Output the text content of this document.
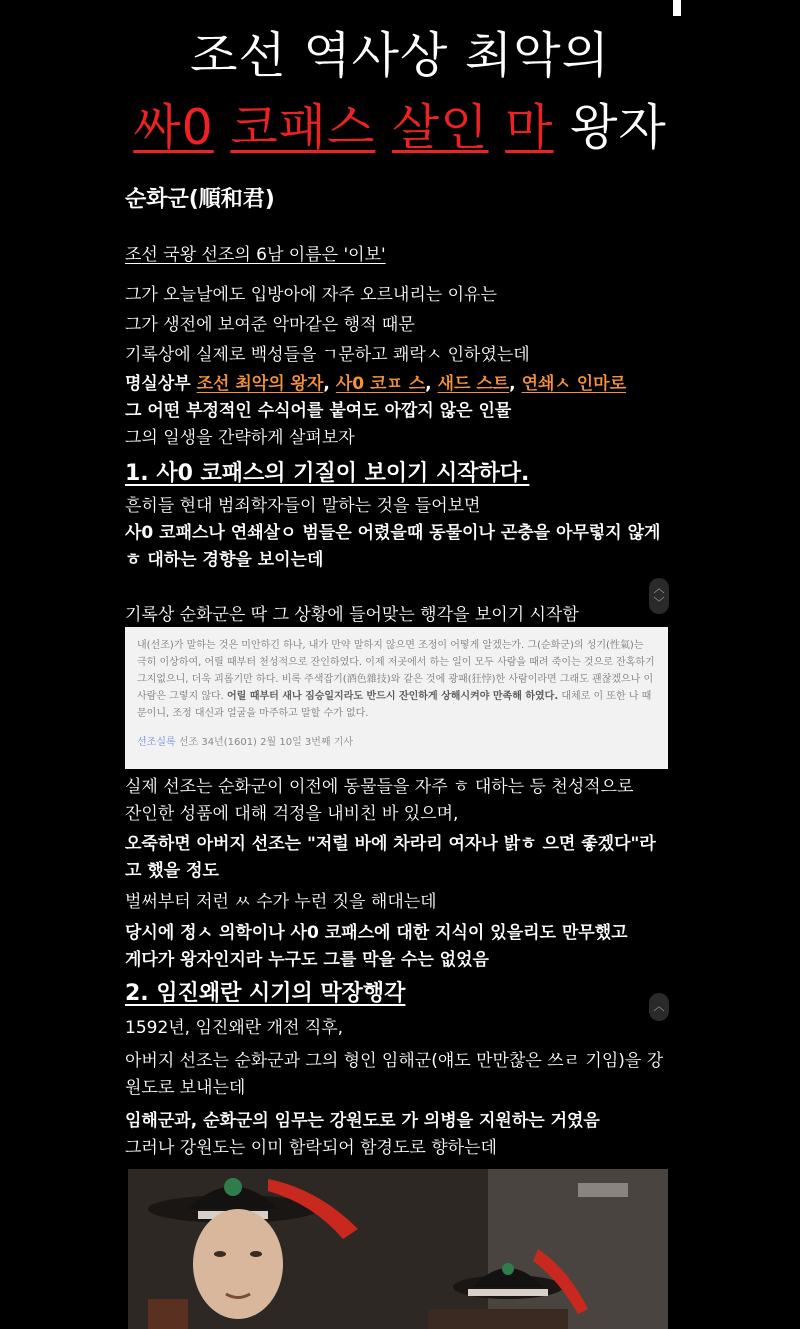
조선 역사상 최악의
싸0 코패스 살인 마 왕자
순화군(順和君)
조선 국왕 선조의 6남 이름은 '이보'

그가 오늘날에도 입방아에 자주 오르내리는 이유는

그가 생전에 보여준 악마같은 행적 때문

기록상에 실제로 백성들을 ㄱ문하고 쾌락ㅅ 인하였는데

명실상부 조선 최악의 왕자, 사0 코ㅍ 스, 새드 스트, 연쇄ㅅ 인마로

그 어떤 부정적인 수식어를 붙여도 아깝지 않은 인물

그의 일생을 간략하게 살펴보자

1. 사0 코패스의 기질이 보이기 시작하다.

흔히들 현대 범죄학자들이 말하는 것을 들어보면

사0 코패스나 연쇄살ㅇ 범들은 어렸을때 동물이나 곤충을 아무렇지 않게 ㅎ 대하는 경향을 보이는데

기록상 순화군은 딱 그 상황에 들어맞는 행각을 보이기 시작함

︿
﹀
내(선조)가 말하는 것은 미안하긴 하나, 내가 만약 말하지 않으면 조정이 어떻게 알겠는가. 그(순화군)의 성기(性氣)는 극히 이상하여, 어릴 때부터 천성적으로 잔인하였다. 이제 저곳에서 하는 일이 모두 사람을 때려 죽이는 것으로 잔혹하기 그지없으니, 더욱 괴롭기만 하다. 비록 주색잡기(酒色雜技)와 같은 것에 광패(狂悖)한 사람이라면 그래도 괜찮겠으나 이 사람은 그렇지 않다. 어릴 때부터 새나 짐승일지라도 반드시 잔인하게 상해시켜야 만족해 하였다. 대체로 이 또한 나 때문이니, 조정 대신과 얼굴을 마주하고 말할 수가 없다.
선조실록 선조 34년(1601) 2월 10일 3번째 기사

실제 선조는 순화군이 이전에 동물들을 자주 ㅎ 대하는 등 천성적으로

잔인한 성품에 대해 걱정을 내비친 바 있으며,

오죽하면 아버지 선조는 "저럴 바에 차라리 여자나 밝ㅎ 으면 좋겠다"라고 했을 정도

벌써부터 저런 ㅆ 수가 누런 짓을 해대는데

당시에 정ㅅ 의학이나 사0 코패스에 대한 지식이 있을리도 만무했고

게다가 왕자인지라 누구도 그를 막을 수는 없었음

2. 임진왜란 시기의 막장행각
︿

1592년, 임진왜란 개전 직후,

아버지 선조는 순화군과 그의 형인 임해군(얘도 만만찮은 쓰ㄹ 기임)을 강원도로 보내는데

임해군과, 순화군의 임무는 강원도로 가 의병을 지원하는 거였음

그러나 강원도는 이미 함락되어 함경도로 향하는데
